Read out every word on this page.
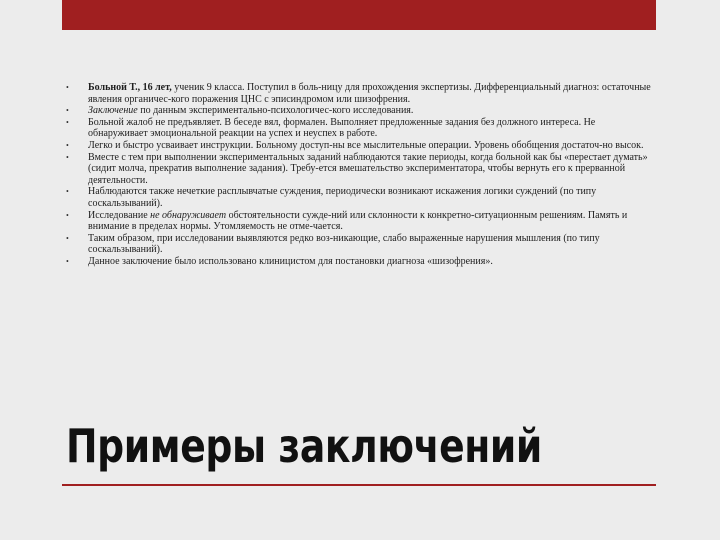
• Больной Т., 16 лет, ученик 9 класса. Поступил в боль-ницу для прохождения экспертизы. Дифференциальный диагноз: остаточные явления органичес-кого поражения ЦНС с эписиндромом или шизофрения.
• Заключение по данным экспериментально-психологичес-кого исследования.
• Больной жалоб не предъявляет. В беседе вял, формален. Выполняет предложенные задания без должного интереса. Не обнаруживает эмоциональной реакции на успех и неуспех в работе.
• Легко и быстро усваивает инструкции. Больному доступ-ны все мыслительные операции. Уровень обобщения достаточ-но высок.
• Вместе с тем при выполнении экспериментальных заданий наблюдаются такие периоды, когда больной как бы «перестает думать» (сидит молча, прекратив выполнение задания). Требу-ется вмешательство экспериментатора, чтобы вернуть его к прерванной деятельности.
• Наблюдаются также нечеткие расплывчатые суждения, периодически возникают искажения логики суждений (по типу соскальзываний).
• Исследование не обнаруживает обстоятельности сужде-ний или склонности к конкретно-ситуационным решениям. Память и внимание в пределах нормы. Утомляемость не отме-чается.
• Таким образом, при исследовании выявляются редко воз-никающие, слабо выраженные нарушения мышления (по типу соскальзываний).
• Данное заключение было использовано клиницистом для постановки диагноза «шизофрения».
Примеры заключений
